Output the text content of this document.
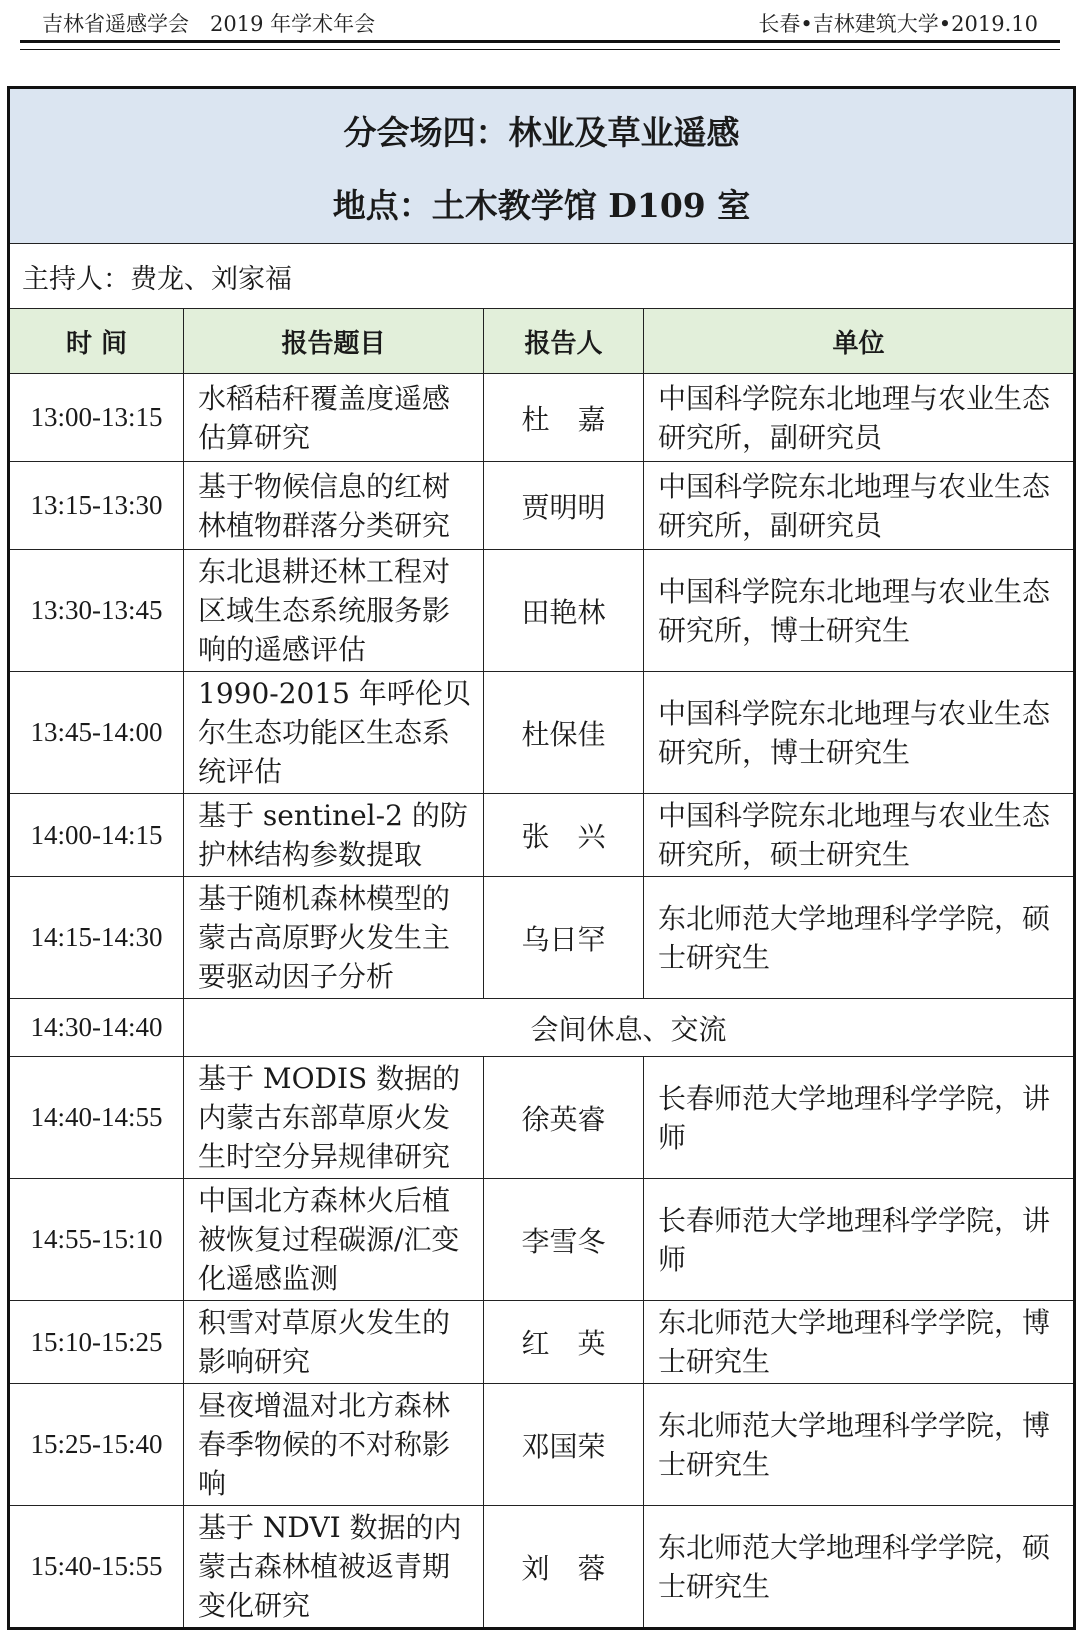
吉林省遥感学会　2019 年学术年会	长春•吉林建筑大学•2019.10
分会场四：林业及草业遥感
地点：土木教学馆 D109 室			

主持人：费龙、刘家福			
时 间	报告题目	报告人	单位
13:00-13:15	水稻秸秆覆盖度遥感估算研究	杜　嘉	中国科学院东北地理与农业生态研究所，副研究员
13:15-13:30	基于物候信息的红树林植物群落分类研究	贾明明	中国科学院东北地理与农业生态研究所，副研究员
13:30-13:45	东北退耕还林工程对区域生态系统服务影响的遥感评估	田艳林	中国科学院东北地理与农业生态研究所，博士研究生
13:45-14:00	1990-2015 年呼伦贝尔生态功能区生态系统评估	杜保佳	中国科学院东北地理与农业生态研究所，博士研究生
14:00-14:15	基于 sentinel-2 的防护林结构参数提取	张　兴	中国科学院东北地理与农业生态研究所，硕士研究生
14:15-14:30	基于随机森林模型的蒙古高原野火发生主要驱动因子分析	乌日罕	东北师范大学地理科学学院，硕士研究生
14:30-14:40	会间休息、交流		
14:40-14:55	基于 MODIS 数据的内蒙古东部草原火发生时空分异规律研究	徐英睿	长春师范大学地理科学学院，讲师
14:55-15:10	中国北方森林火后植被恢复过程碳源/汇变化遥感监测	李雪冬	长春师范大学地理科学学院，讲师
15:10-15:25	积雪对草原火发生的影响研究	红　英	东北师范大学地理科学学院，博士研究生
15:25-15:40	昼夜增温对北方森林春季物候的不对称影响	邓国荣	东北师范大学地理科学学院，博士研究生
15:40-15:55	基于 NDVI 数据的内蒙古森林植被返青期变化研究	刘　蓉	东北师范大学地理科学学院，硕士研究生
